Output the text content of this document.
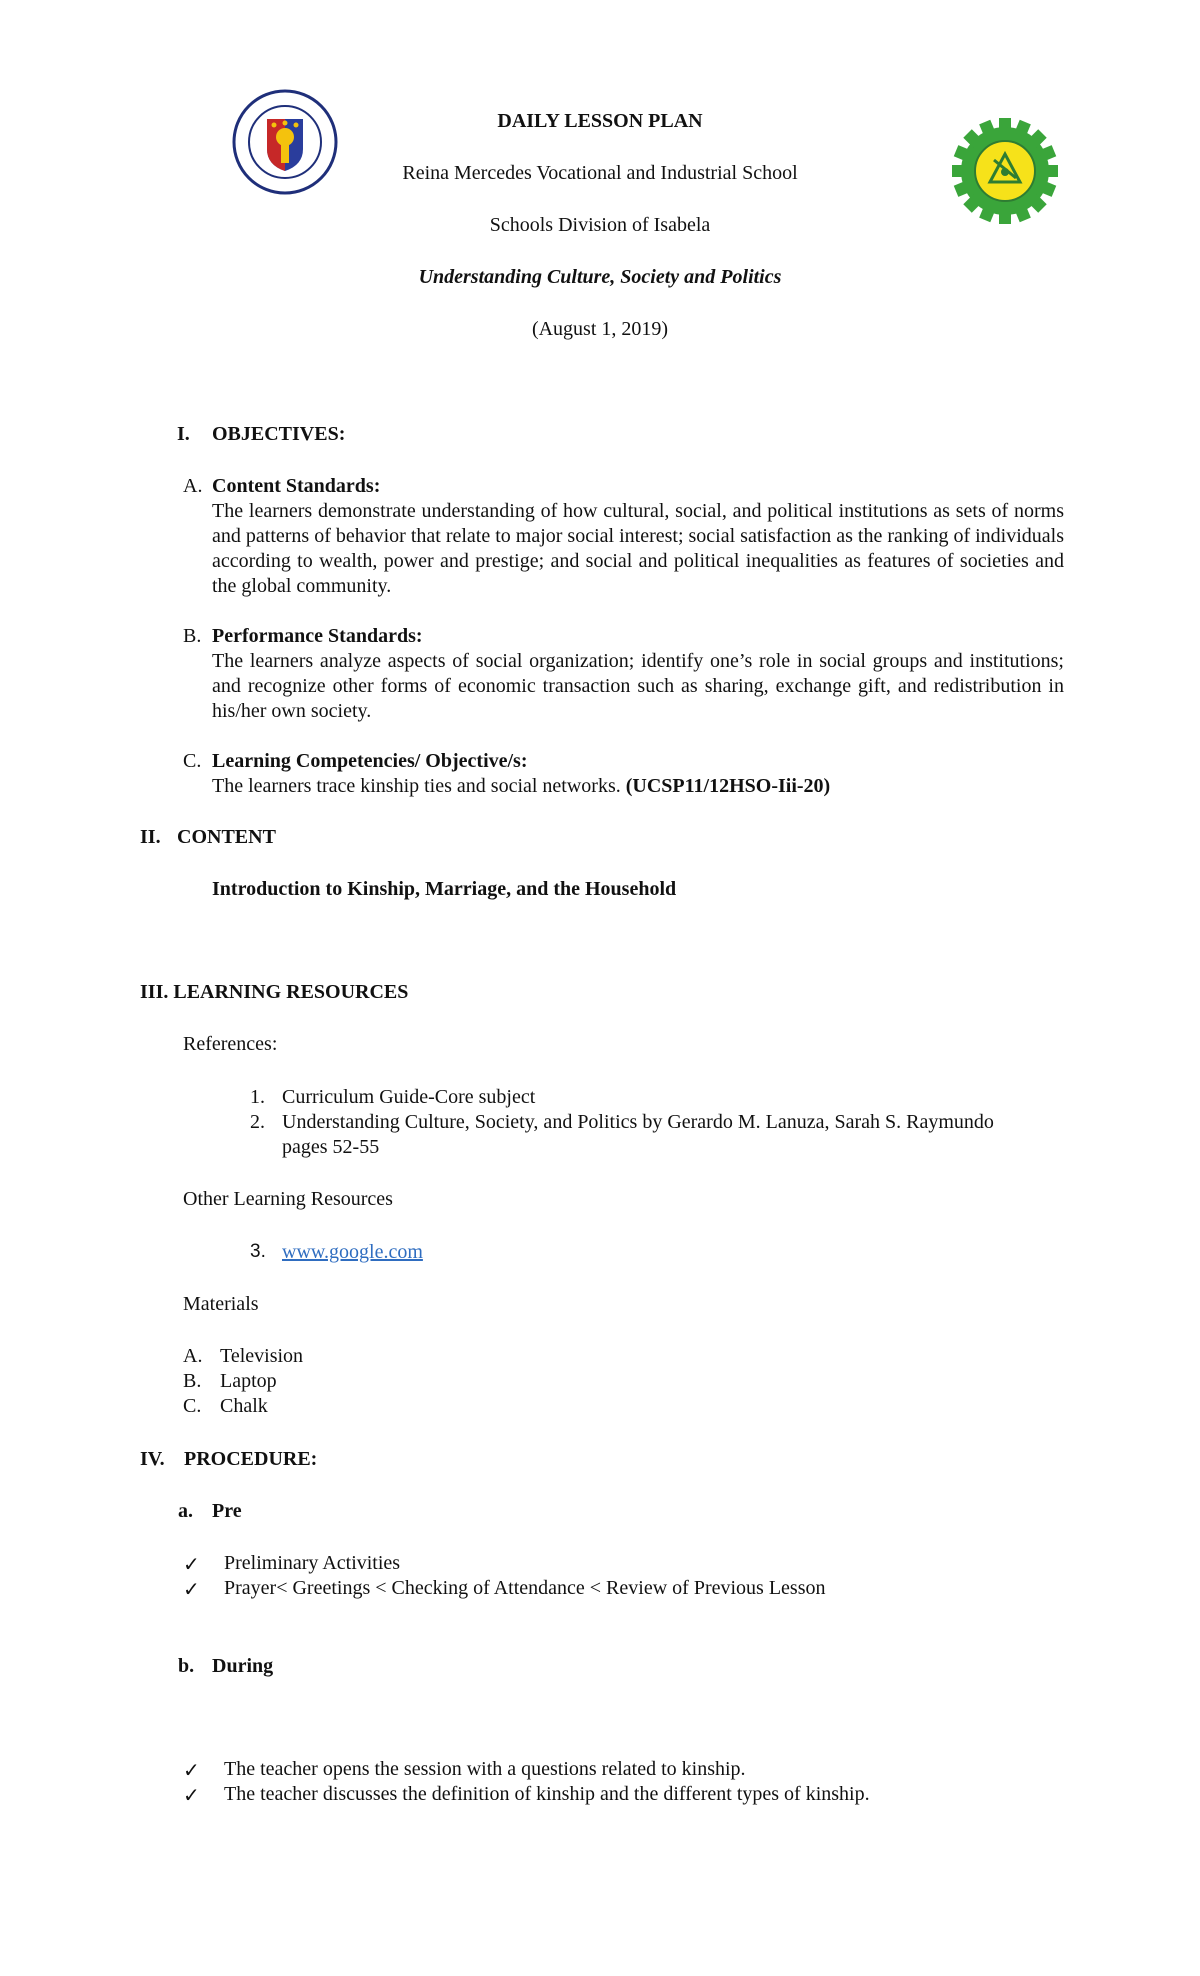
DAILY LESSON PLAN
Reina Mercedes Vocational and Industrial School
Schools Division of Isabela
Understanding Culture, Society and Politics
(August 1, 2019)
I. OBJECTIVES:
A. Content Standards:
The learners demonstrate understanding of how cultural, social, and political institutions as sets of norms and patterns of behavior that relate to major social interest; social satisfaction as the ranking of individuals according to wealth, power and prestige; and social and political inequalities as features of societies and the global community.
B. Performance Standards:
The learners analyze aspects of social organization; identify one’s role in social groups and institutions; and recognize other forms of economic transaction such as sharing, exchange gift, and redistribution in his/her own society.
C. Learning Competencies/ Objective/s:
The learners trace kinship ties and social networks. (UCSP11/12HSO-Iii-20)
II. CONTENT
Introduction to Kinship, Marriage, and the Household
III. LEARNING RESOURCES
References:
1. Curriculum Guide-Core subject
2. Understanding Culture, Society, and Politics by Gerardo M. Lanuza, Sarah S. Raymundo
pages 52-55
Other Learning Resources
3. www.google.com
Materials
A. Television
B. Laptop
C. Chalk
IV. PROCEDURE:
a. Pre
✓ Preliminary Activities
✓ Prayer< Greetings < Checking of Attendance < Review of Previous Lesson
b. During
✓ The teacher opens the session with a questions related to kinship.
✓ The teacher discusses the definition of kinship and the different types of kinship.
